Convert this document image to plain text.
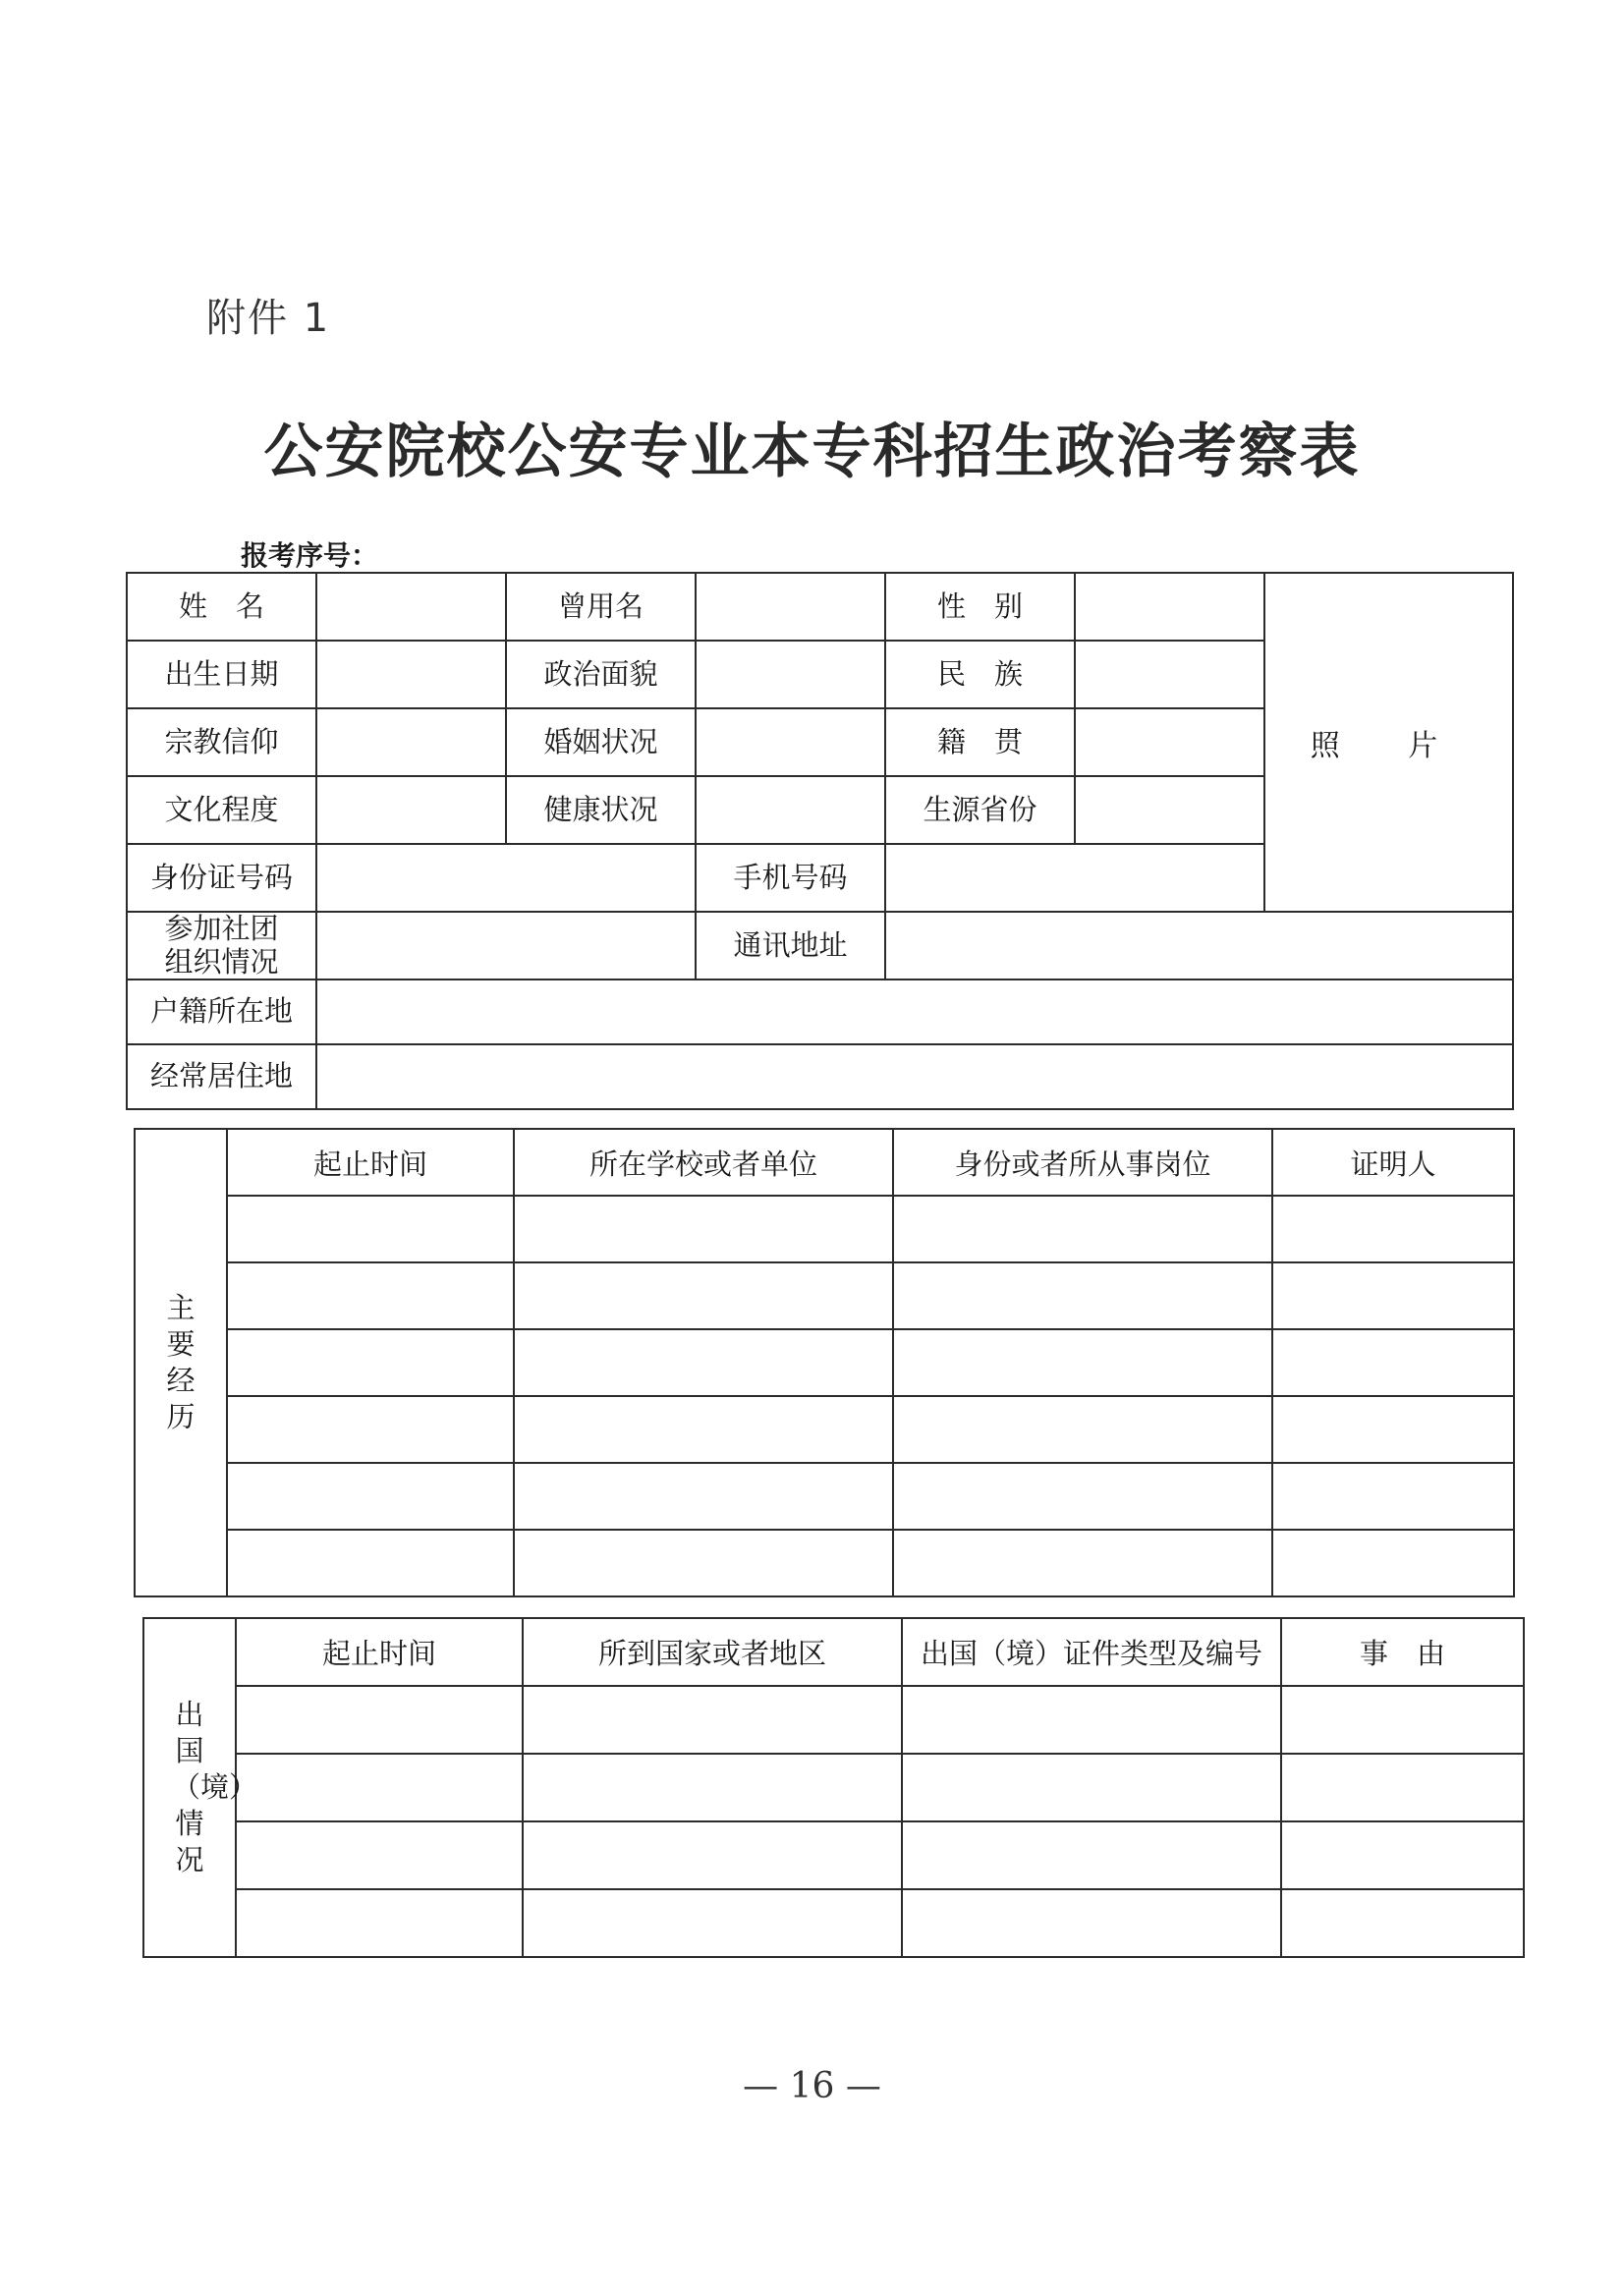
附件 1
公安院校公安专业本专科招生政治考察表
报考序号：
姓　名		曾用名		性　别		照 片
出生日期		政治面貌		民　族		
宗教信仰		婚姻状况		籍　贯		
文化程度		健康状况		生源省份		
身份证号码			手机号码			

参加社团组织情况			通讯地址			
户籍所在地						
经常居住地						
主要经历	起止时间	所在学校或者单位	身份或者所从事岗位	证明人

出国（境）情况	起止时间	所到国家或者地区	出国（境）证件类型及编号	事　由

— 16 —
